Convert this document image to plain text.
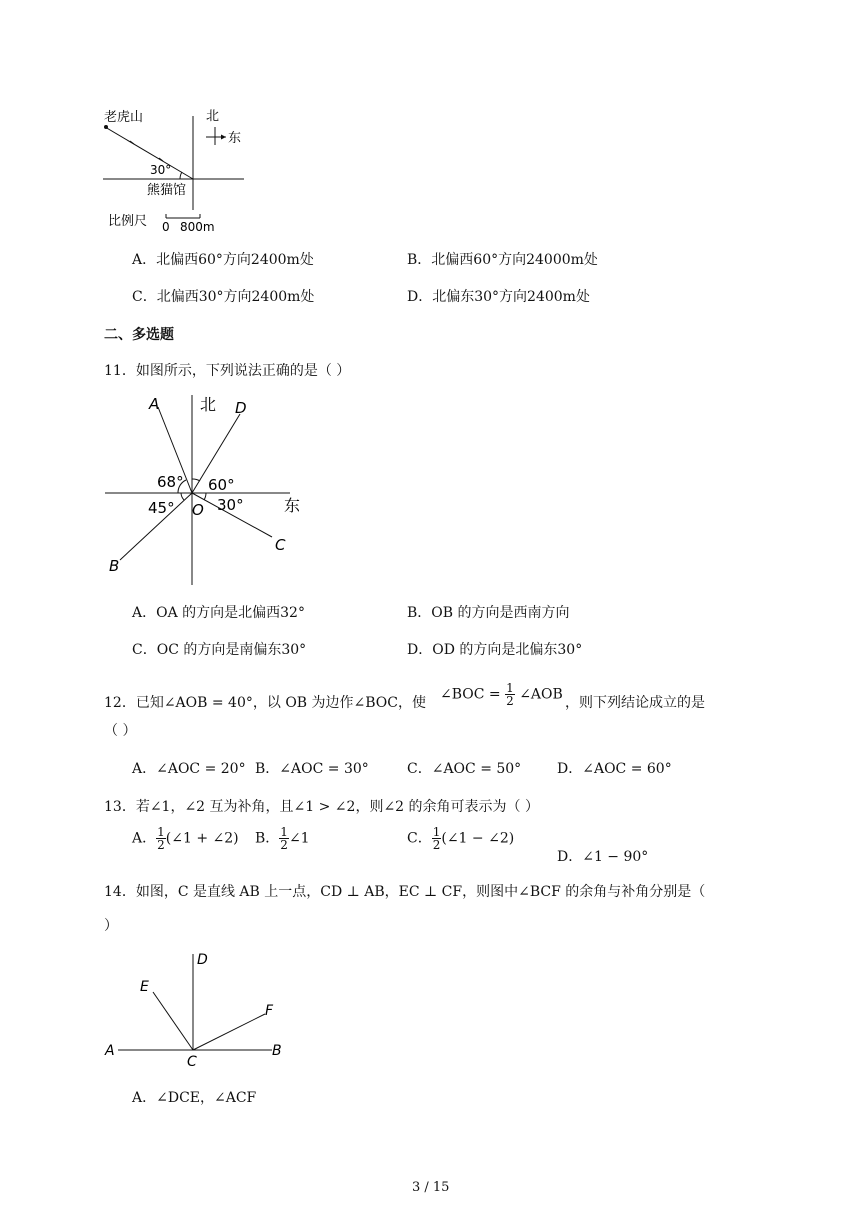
老虎山	北
东
30°
熊猫馆
比例尺 0 800m
A．北偏西60°方向2400m处	B．北偏西60°方向24000m处
C．北偏西30°方向2400m处	D．北偏东30°方向2400m处
二、多选题
11．如图所示，下列说法正确的是（ ）
A	北 D
68° 60°
45° O 30°	东
C
B
A．OA 的方向是北偏西32°	B．OB 的方向是西南方向
C．OC 的方向是南偏东30°	D．OD 的方向是北偏东30°
12．已知∠AOB = 40°，以 OB 为边作∠BOC，使
∠BOC = $\frac{1}{2}$ ∠AOB
，则下列结论成立的是
（ ）
A．∠AOC = 20° B．∠AOC = 30°	C．∠AOC = 50°	D．∠AOC = 60°
13．若∠1，∠2 互为补角，且∠1 > ∠2，则∠2 的余角可表示为（ ）
A． $\frac{1}{2}$ (∠1 + ∠2) B． $\frac{1}{2}$ ∠1	C． $\frac{1}{2}$ (∠1 − ∠2)
D．∠1 − 90°
14．如图，C 是直线 AB 上一点，CD ⊥ AB，EC ⊥ CF，则图中∠BCF 的余角与补角分别是（
）
D
E
F
A
C
B
A．∠DCE，∠ACF
3 / 15
